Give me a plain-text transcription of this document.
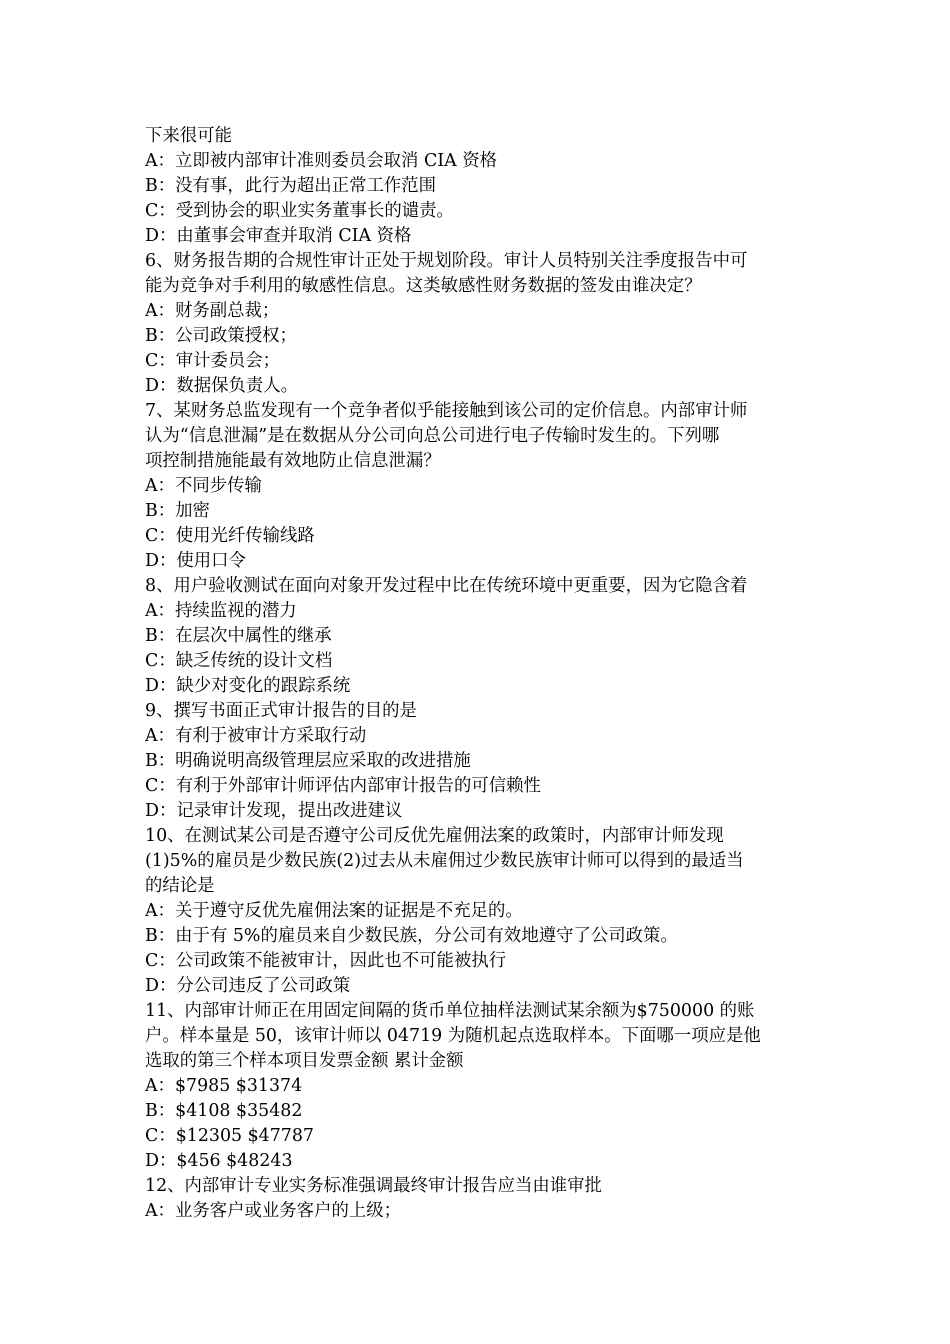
下来很可能
A：立即被内部审计准则委员会取消 CIA 资格
B：没有事，此行为超出正常工作范围
C：受到协会的职业实务董事长的谴责。
D：由董事会审查并取消 CIA 资格
6、财务报告期的合规性审计正处于规划阶段。审计人员特别关注季度报告中可
能为竞争对手利用的敏感性信息。这类敏感性财务数据的签发由谁决定？
A：财务副总裁；
B：公司政策授权；
C：审计委员会；
D：数据保负责人。
7、某财务总监发现有一个竞争者似乎能接触到该公司的定价信息。内部审计师
认为“信息泄漏”是在数据从分公司向总公司进行电子传输时发生的。下列哪
项控制措施能最有效地防止信息泄漏？
A：不同步传输
B：加密
C：使用光纤传输线路
D：使用口令
8、用户验收测试在面向对象开发过程中比在传统环境中更重要，因为它隐含着
A：持续监视的潜力
B：在层次中属性的继承
C：缺乏传统的设计文档
D：缺少对变化的跟踪系统
9、撰写书面正式审计报告的目的是
A：有利于被审计方采取行动
B：明确说明高级管理层应采取的改进措施
C：有利于外部审计师评估内部审计报告的可信赖性
D：记录审计发现，提出改进建议
10、在测试某公司是否遵守公司反优先雇佣法案的政策时，内部审计师发现
(1)5%的雇员是少数民族(2)过去从未雇佣过少数民族审计师可以得到的最适当
的结论是
A：关于遵守反优先雇佣法案的证据是不充足的。
B：由于有 5%的雇员来自少数民族，分公司有效地遵守了公司政策。
C：公司政策不能被审计，因此也不可能被执行
D：分公司违反了公司政策
11、内部审计师正在用固定间隔的货币单位抽样法测试某余额为$750000 的账
户。样本量是 50，该审计师以 04719 为随机起点选取样本。下面哪一项应是他
选取的第三个样本项目发票金额 累计金额
A：$7985 $31374
B：$4108 $35482
C：$12305 $47787
D：$456 $48243
12、内部审计专业实务标准强调最终审计报告应当由谁审批
A：业务客户或业务客户的上级；
